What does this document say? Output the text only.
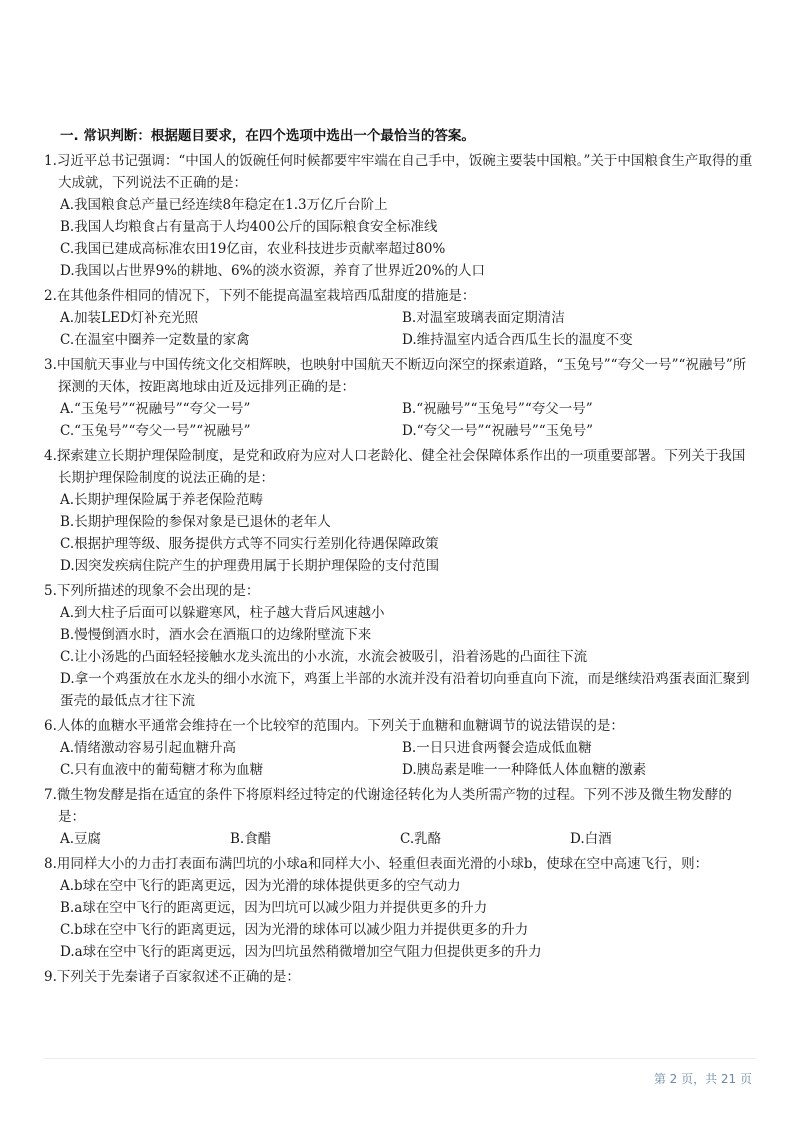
一. 常识判断：根据题目要求，在四个选项中选出一个最恰当的答案。
1.习近平总书记强调：“中国人的饭碗任何时候都要牢牢端在自己手中，饭碗主要装中国粮。”关于中国粮食生产取得的重大成就，下列说法不正确的是：
A.我国粮食总产量已经连续8年稳定在1.3万亿斤台阶上
B.我国人均粮食占有量高于人均400公斤的国际粮食安全标准线
C.我国已建成高标准农田19亿亩，农业科技进步贡献率超过80%
D.我国以占世界9%的耕地、6%的淡水资源，养育了世界近20%的人口
2.在其他条件相同的情况下，下列不能提高温室栽培西瓜甜度的措施是：
A.加装LED灯补充光照	B.对温室玻璃表面定期清洁
C.在温室中圈养一定数量的家禽	D.维持温室内适合西瓜生长的温度不变
3.中国航天事业与中国传统文化交相辉映，也映射中国航天不断迈向深空的探索道路，“玉兔号”“夸父一号”“祝融号”所探测的天体，按距离地球由近及远排列正确的是：
A.“玉兔号”“祝融号”“夸父一号”	B.“祝融号”“玉兔号”“夸父一号”
C.“玉兔号”“夸父一号”“祝融号”	D.“夸父一号”“祝融号”“玉兔号”
4.探索建立长期护理保险制度，是党和政府为应对人口老龄化、健全社会保障体系作出的一项重要部署。下列关于我国长期护理保险制度的说法正确的是：
A.长期护理保险属于养老保险范畴
B.长期护理保险的参保对象是已退休的老年人
C.根据护理等级、服务提供方式等不同实行差别化待遇保障政策
D.因突发疾病住院产生的护理费用属于长期护理保险的支付范围
5.下列所描述的现象不会出现的是：
A.到大柱子后面可以躲避寒风，柱子越大背后风速越小
B.慢慢倒酒水时，酒水会在酒瓶口的边缘附壁流下来
C.让小汤匙的凸面轻轻接触水龙头流出的小水流，水流会被吸引，沿着汤匙的凸面往下流
D.拿一个鸡蛋放在水龙头的细小水流下，鸡蛋上半部的水流并没有沿着切向垂直向下流，而是继续沿鸡蛋表面汇聚到蛋壳的最低点才往下流
6.人体的血糖水平通常会维持在一个比较窄的范围内。下列关于血糖和血糖调节的说法错误的是：
A.情绪激动容易引起血糖升高	B.一日只进食两餐会造成低血糖
C.只有血液中的葡萄糖才称为血糖	D.胰岛素是唯一一种降低人体血糖的激素
7.微生物发酵是指在适宜的条件下将原料经过特定的代谢途径转化为人类所需产物的过程。下列不涉及微生物发酵的是：
A.豆腐	B.食醋	C.乳酪	D.白酒
8.用同样大小的力击打表面布满凹坑的小球a和同样大小、轻重但表面光滑的小球b，使球在空中高速飞行，则：
A.b球在空中飞行的距离更远，因为光滑的球体提供更多的空气动力
B.a球在空中飞行的距离更远，因为凹坑可以减少阻力并提供更多的升力
C.b球在空中飞行的距离更远，因为光滑的球体可以减少阻力并提供更多的升力
D.a球在空中飞行的距离更远，因为凹坑虽然稍微增加空气阻力但提供更多的升力
9.下列关于先秦诸子百家叙述不正确的是：
第 2 页，共 21 页
